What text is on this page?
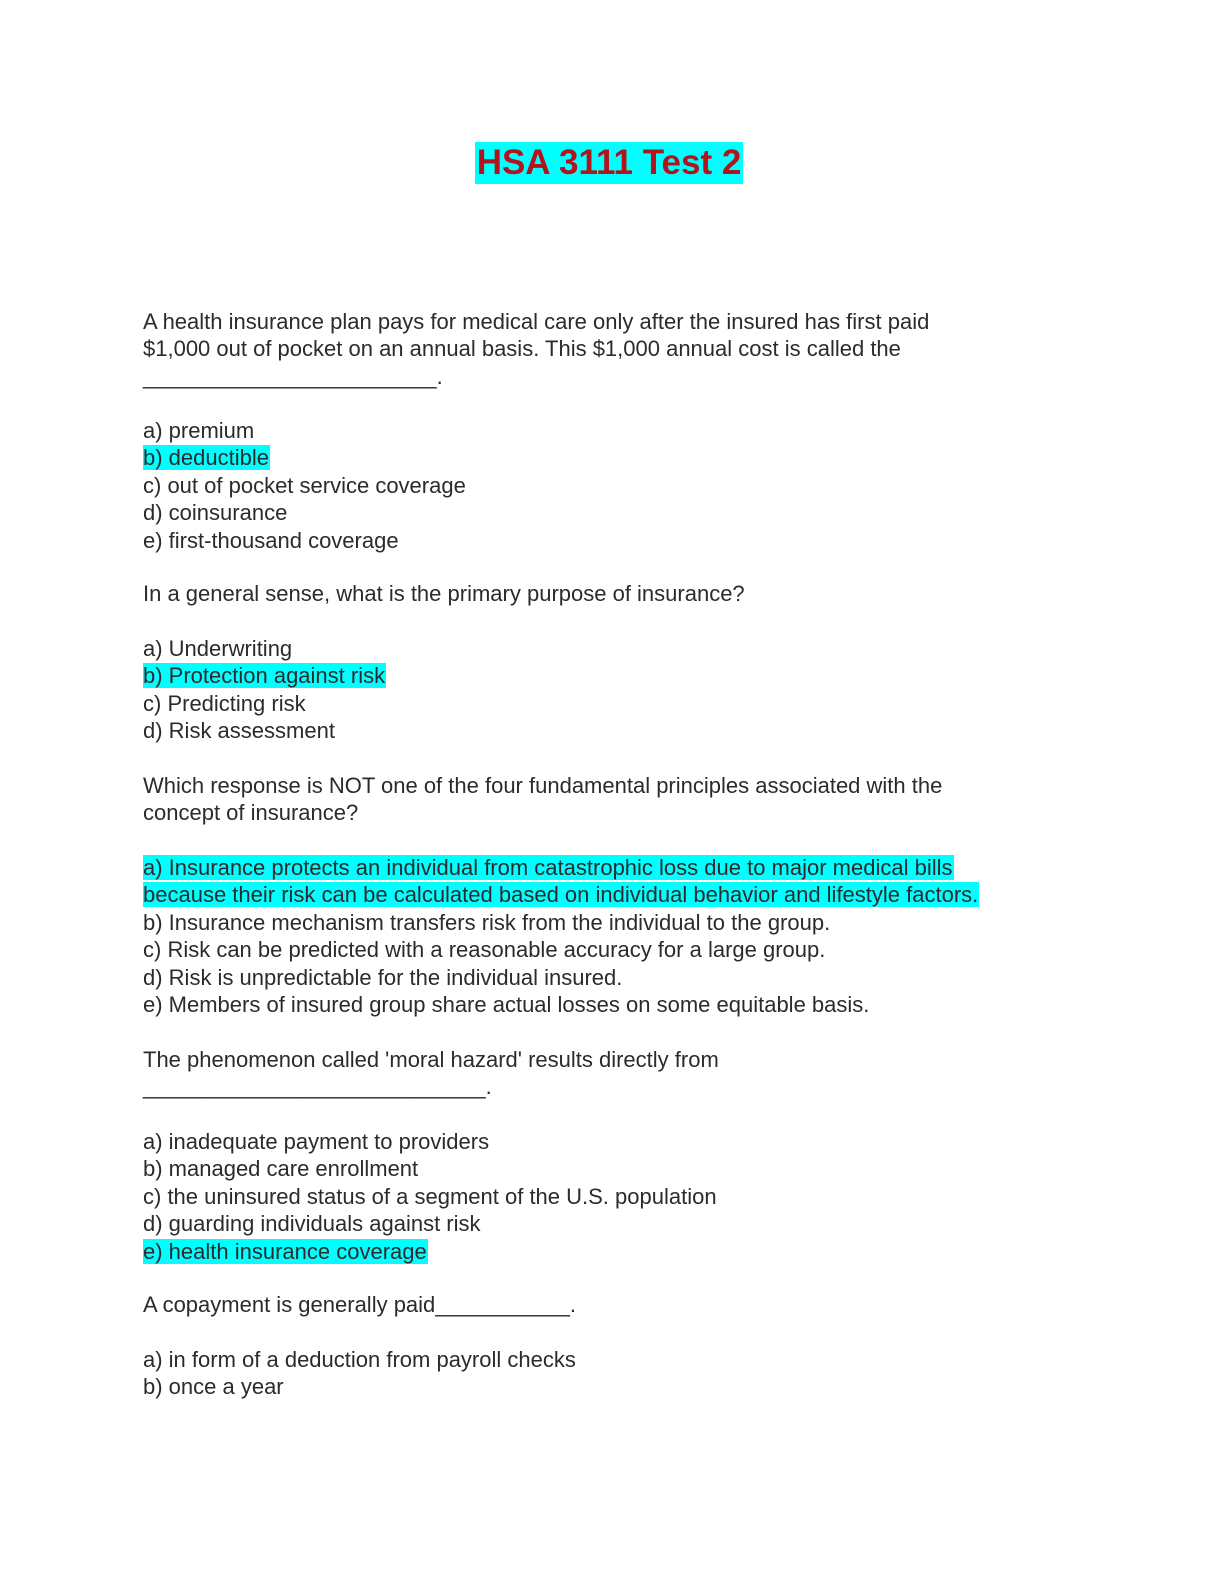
HSA 3111 Test 2
A health insurance plan pays for medical care only after the insured has first paid
$1,000 out of pocket on an annual basis. This $1,000 annual cost is called the
________________________.
a) premium
b) deductible
c) out of pocket service coverage
d) coinsurance
e) first-thousand coverage
In a general sense, what is the primary purpose of insurance?
a) Underwriting
b) Protection against risk
c) Predicting risk
d) Risk assessment
Which response is NOT one of the four fundamental principles associated with the
concept of insurance?
a) Insurance protects an individual from catastrophic loss due to major medical bills
because their risk can be calculated based on individual behavior and lifestyle factors.
b) Insurance mechanism transfers risk from the individual to the group.
c) Risk can be predicted with a reasonable accuracy for a large group.
d) Risk is unpredictable for the individual insured.
e) Members of insured group share actual losses on some equitable basis.
The phenomenon called 'moral hazard' results directly from
____________________________.
a) inadequate payment to providers
b) managed care enrollment
c) the uninsured status of a segment of the U.S. population
d) guarding individuals against risk
e) health insurance coverage
A copayment is generally paid___________.
a) in form of a deduction from payroll checks
b) once a year
